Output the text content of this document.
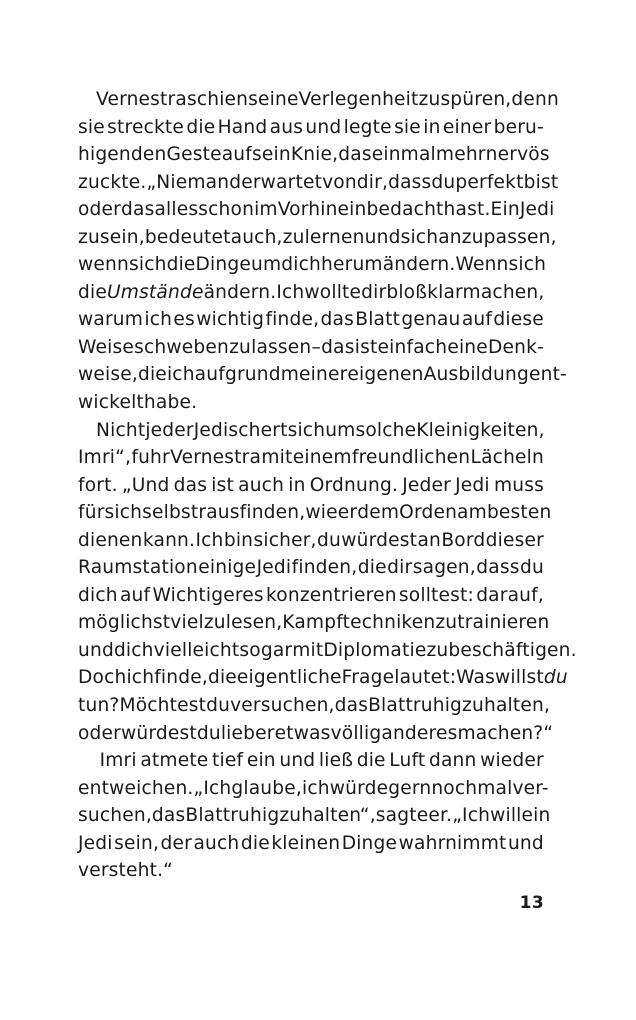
Vernestra schien seine Verlegenheit zu spüren, denn
sie streckte die Hand aus und legte sie in einer beru-
higenden Geste auf sein Knie, das einmal mehr nervös
zuckte. „Niemand erwartet von dir, dass du perfekt bist
oder das alles schon im Vorhinein bedacht hast. Ein Jedi
zu sein, bedeutet auch, zu lernen und sich anzupassen,
wenn sich die Dinge um dich herum ändern. Wenn sich
die Umstände ändern. Ich wollte dir bloß klarmachen,
warum ich es wichtig finde, das Blatt genau auf diese
Weise schweben zu lassen – das ist einfach eine Denk-
weise, die ich aufgrund meiner eigenen Ausbildung ent-
wickelt habe.
Nicht jeder Jedi schert sich um solche Kleinigkeiten,
Imri“, fuhr Vernestra mit einem freundlichen Lächeln
fort. „Und das ist auch in Ordnung. Jeder Jedi muss
für sich selbst rausfinden, wie er dem Orden am besten
dienen kann. Ich bin sicher, du würdest an Bord dieser
Raumstation einige Jedi finden, die dir sagen, dass du
dich auf Wichtigeres konzentrieren solltest: darauf,
möglichst viel zu lesen, Kampftechniken zu trainieren
und dich vielleicht sogar mit Diplomatie zu beschäftigen.
Doch ich finde, die eigentliche Frage lautet: Was willst du
tun? Möchtest du versuchen, das Blatt ruhig zu halten,
oder würdest du lieber etwas völlig anderes machen?“
Imri atmete tief ein und ließ die Luft dann wieder
entweichen. „Ich glaube, ich würde gern noch mal ver-
suchen, das Blatt ruhig zu halten“, sagte er. „Ich will ein
Jedi sein, der auch die kleinen Dinge wahrnimmt und
versteht.“
13
